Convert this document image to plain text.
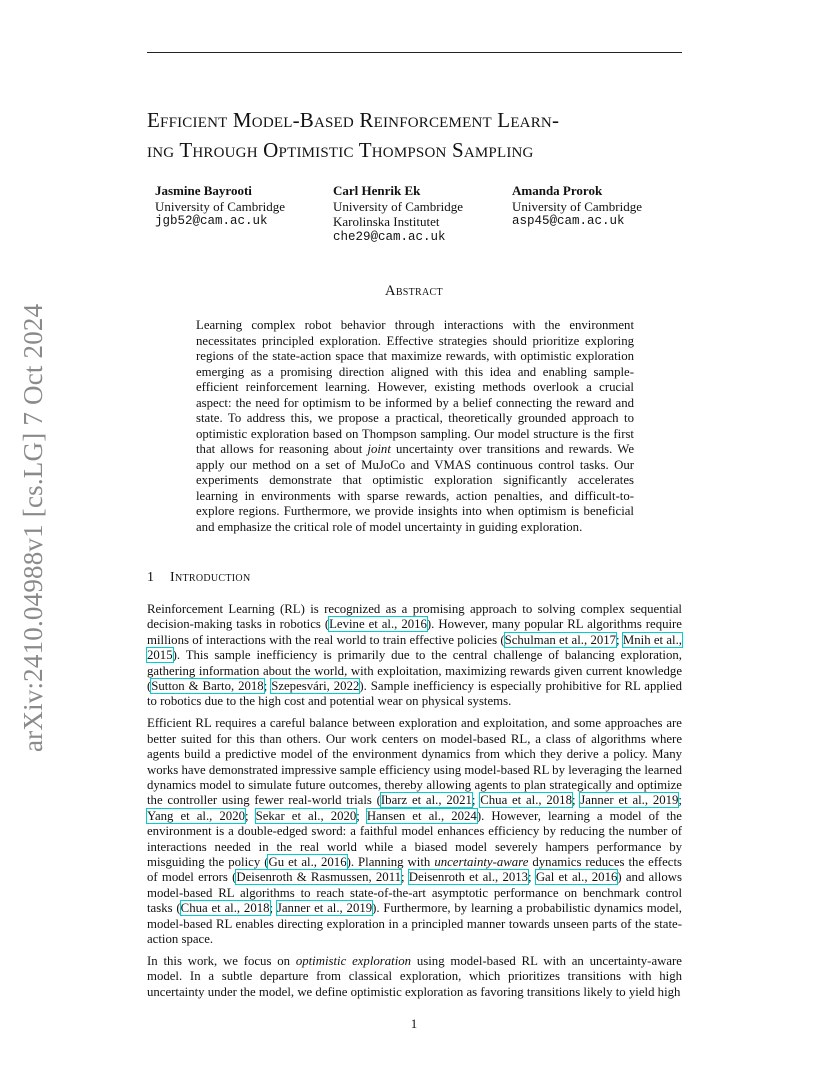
arXiv:2410.04988v1 [cs.LG] 7 Oct 2024
Efficient Model-Based Reinforcement Learn-
ing Through Optimistic Thompson Sampling
Jasmine Bayrooti
University of Cambridge
jgb52@cam.ac.uk
Carl Henrik Ek
University of Cambridge
Karolinska Institutet
che29@cam.ac.uk
Amanda Prorok
University of Cambridge
asp45@cam.ac.uk
Abstract
Learning complex robot behavior through interactions with the environment necessitates principled exploration. Effective strategies should prioritize exploring regions of the state-action space that maximize rewards, with optimistic exploration emerging as a promising direction aligned with this idea and enabling sample-efficient reinforcement learning. However, existing methods overlook a crucial aspect: the need for optimism to be informed by a belief connecting the reward and state. To address this, we propose a practical, theoretically grounded approach to optimistic exploration based on Thompson sampling. Our model structure is the first that allows for reasoning about joint uncertainty over transitions and rewards. We apply our method on a set of MuJoCo and VMAS continuous control tasks. Our experiments demonstrate that optimistic exploration significantly accelerates learning in environments with sparse rewards, action penalties, and difficult-to-explore regions. Furthermore, we provide insights into when optimism is beneficial and emphasize the critical role of model uncertainty in guiding exploration.
1 Introduction

Reinforcement Learning (RL) is recognized as a promising approach to solving complex sequential decision-making tasks in robotics (Levine et al., 2016). However, many popular RL algorithms require millions of interactions with the real world to train effective policies (Schulman et al., 2017; Mnih et al., 2015). This sample inefficiency is primarily due to the central challenge of balancing exploration, gathering information about the world, with exploitation, maximizing rewards given current knowledge (Sutton & Barto, 2018; Szepesvári, 2022). Sample inefficiency is especially prohibitive for RL applied to robotics due to the high cost and potential wear on physical systems.

Efficient RL requires a careful balance between exploration and exploitation, and some approaches are better suited for this than others. Our work centers on model-based RL, a class of algorithms where agents build a predictive model of the environment dynamics from which they derive a policy. Many works have demonstrated impressive sample efficiency using model-based RL by leveraging the learned dynamics model to simulate future outcomes, thereby allowing agents to plan strategically and optimize the controller using fewer real-world trials (Ibarz et al., 2021; Chua et al., 2018; Janner et al., 2019; Yang et al., 2020; Sekar et al., 2020; Hansen et al., 2024). However, learning a model of the environment is a double-edged sword: a faithful model enhances efficiency by reducing the number of interactions needed in the real world while a biased model severely hampers performance by misguiding the policy (Gu et al., 2016). Planning with uncertainty-aware dynamics reduces the effects of model errors (Deisenroth & Rasmussen, 2011; Deisenroth et al., 2013; Gal et al., 2016) and allows model-based RL algorithms to reach state-of-the-art asymptotic performance on benchmark control tasks (Chua et al., 2018; Janner et al., 2019). Furthermore, by learning a probabilistic dynamics model, model-based RL enables directing exploration in a principled manner towards unseen parts of the state-action space.

In this work, we focus on optimistic exploration using model-based RL with an uncertainty-aware model. In a subtle departure from classical exploration, which prioritizes transitions with high uncertainty under the model, we define optimistic exploration as favoring transitions likely to yield high

1
